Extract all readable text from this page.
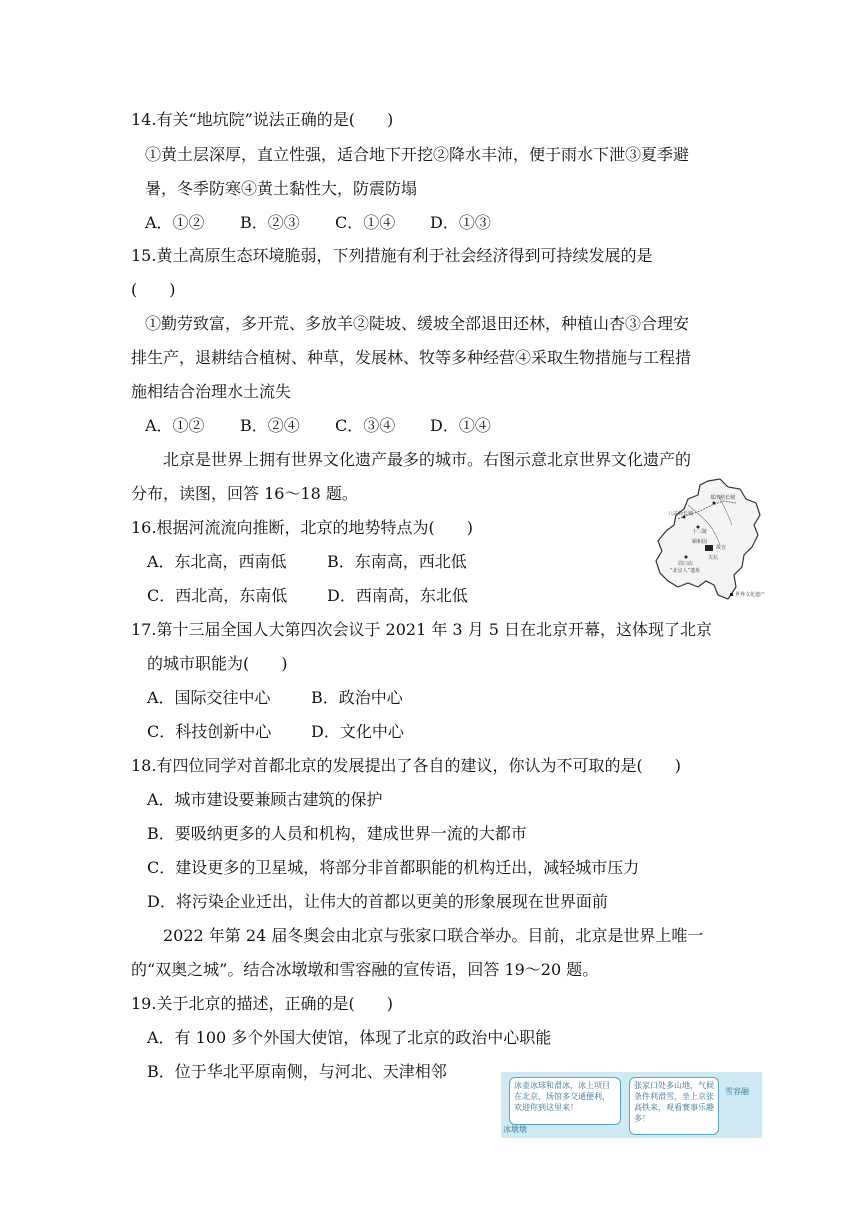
14.有关“地坑院”说法正确的是(　　)
①黄土层深厚，直立性强，适合地下开挖②降水丰沛，便于雨水下泄③夏季避
暑，冬季防寒④黄土黏性大，防震防塌
A．①② B．②③ C．①④ D．①③
15.黄土高原生态环境脆弱，下列措施有利于社会经济得到可持续发展的是
(　　)
①勤劳致富，多开荒、多放羊②陡坡、缓坡全部退田还林，种植山杏③合理安
排生产，退耕结合植树、种草，发展林、牧等多种经营④采取生物措施与工程措
施相结合治理水土流失
A．①② B．②④ C．③④ D．①④
北京是世界上拥有世界文化遗产最多的城市。右图示意北京世界文化遗产的
分布，读图，回答 16～18 题。
八达岭长城
慕田峪长城
十三陵
颐和园
天坛
故宫
周口店
“北京人”遗址
世界文化遗产
16.根据河流流向推断，北京的地势特点为(　　)
A．东北高，西南低	B．东南高，西北低
C．西北高，东南低 D．西南高，东北低
17.第十三届全国人大第四次会议于 2021 年 3 月 5 日在北京开幕，这体现了北京
的城市职能为(　　)
A．国际交往中心	B．政治中心
C．科技创新中心 D．文化中心
18.有四位同学对首都北京的发展提出了各自的建议，你认为不可取的是(　　)
A．城市建设要兼顾古建筑的保护
B．要吸纳更多的人员和机构，建成世界一流的大都市
C．建设更多的卫星城，将部分非首都职能的机构迁出，减轻城市压力
D．将污染企业迁出，让伟大的首都以更美的形象展现在世界面前
2022 年第 24 届冬奥会由北京与张家口联合举办。目前，北京是世界上唯一
的“双奥之城”。结合冰墩墩和雪容融的宣传语，回答 19～20 题。
19.关于北京的描述，正确的是(　　)
A．有 100 多个外国大使馆，体现了北京的政治中心职能
B．位于华北平原南侧，与河北、天津相邻
冰壶冰球和滑冰，冰上项目在北京，场馆多交通便利，欢迎你到这里来！
张家口处多山地，气候条件利滑雪，坐上京张高铁来，观看赛事乐趣多！
冰墩墩
雪容融
